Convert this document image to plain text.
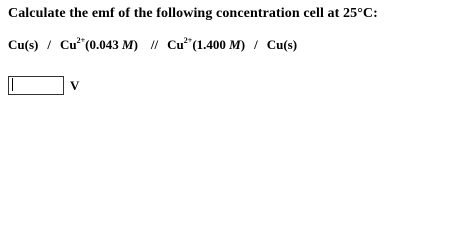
Calculate the emf of the following concentration cell at 25°C:
$Cu(s) / Cu^{2+}(0.043$ $M) // Cu^{2+}(1.400$ M) / Cu(s)
V
